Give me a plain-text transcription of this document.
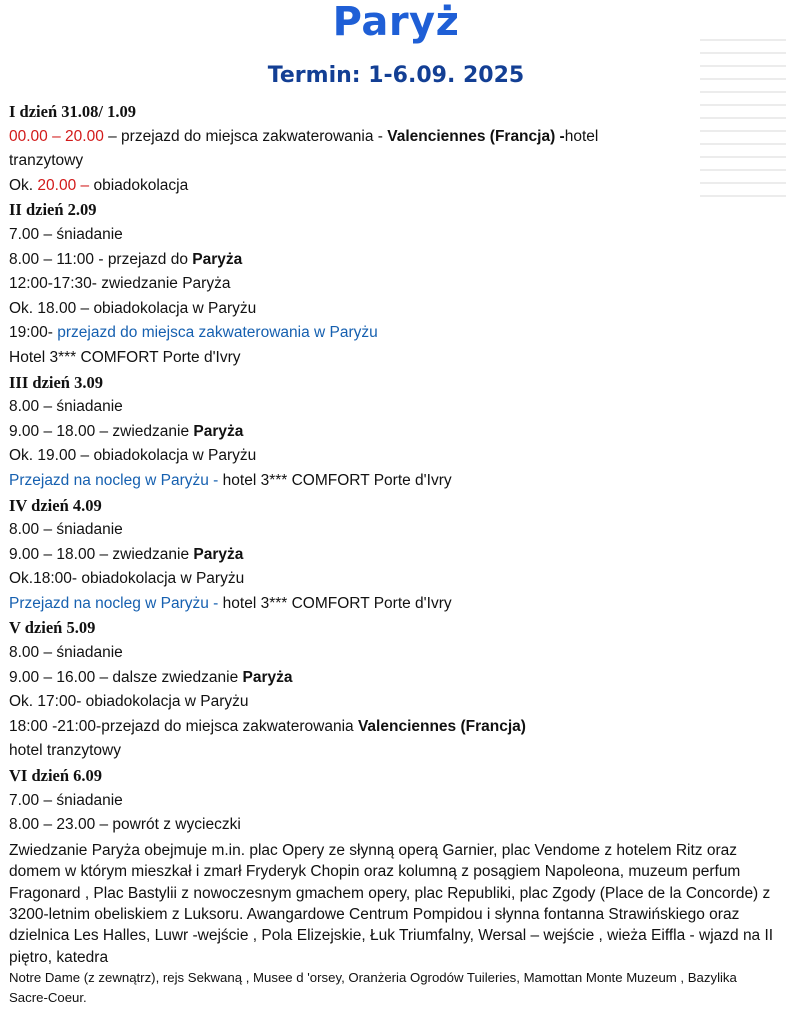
Paryż
Termin: 1-6.09. 2025
I dzień 31.08/ 1.09
00.00 – 20.00 – przejazd do miejsca zakwaterowania - Valenciennes (Francja) -hotel
tranzytowy
Ok. 20.00 – obiadokolacja
II dzień 2.09
7.00 – śniadanie
8.00 – 11:00 - przejazd do Paryża
12:00-17:30- zwiedzanie Paryża
Ok. 18.00 – obiadokolacja w Paryżu
19:00- przejazd do miejsca zakwaterowania w Paryżu
Hotel 3*** COMFORT Porte d'Ivry
III dzień 3.09
8.00 – śniadanie
9.00 – 18.00 – zwiedzanie Paryża
Ok. 19.00 – obiadokolacja w Paryżu
Przejazd na nocleg w Paryżu - hotel 3*** COMFORT Porte d'Ivry
IV dzień 4.09
8.00 – śniadanie
9.00 – 18.00 – zwiedzanie Paryża
Ok.18:00- obiadokolacja w Paryżu
Przejazd na nocleg w Paryżu - hotel 3*** COMFORT Porte d'Ivry
V dzień 5.09
8.00 – śniadanie
9.00 – 16.00 – dalsze zwiedzanie Paryża
Ok. 17:00- obiadokolacja w Paryżu
18:00 -21:00-przejazd do miejsca zakwaterowania Valenciennes (Francja)
hotel tranzytowy
VI dzień 6.09
7.00 – śniadanie
8.00 – 23.00 – powrót z wycieczki
Zwiedzanie Paryża obejmuje m.in. plac Opery ze słynną operą Garnier, plac Vendome z hotelem Ritz oraz domem w którym mieszkał i zmarł Fryderyk Chopin oraz kolumną z posągiem Napoleona, muzeum perfum Fragonard , Plac Bastylii z nowoczesnym gmachem opery, plac Republiki, plac Zgody (Place de la Concorde) z 3200-letnim obeliskiem z Luksoru. Awangardowe Centrum Pompidou i słynna fontanna Strawińskiego oraz dzielnica Les Halles, Luwr -wejście , Pola Elizejskie, Łuk Triumfalny, Wersal – wejście , wieża Eiffla - wjazd na II piętro, katedra
Notre Dame (z zewnątrz), rejs Sekwaną , Musee d 'orsey, Oranżeria Ogrodów Tuileries, Mamottan Monte Muzeum , Bazylika Sacre-Coeur.
